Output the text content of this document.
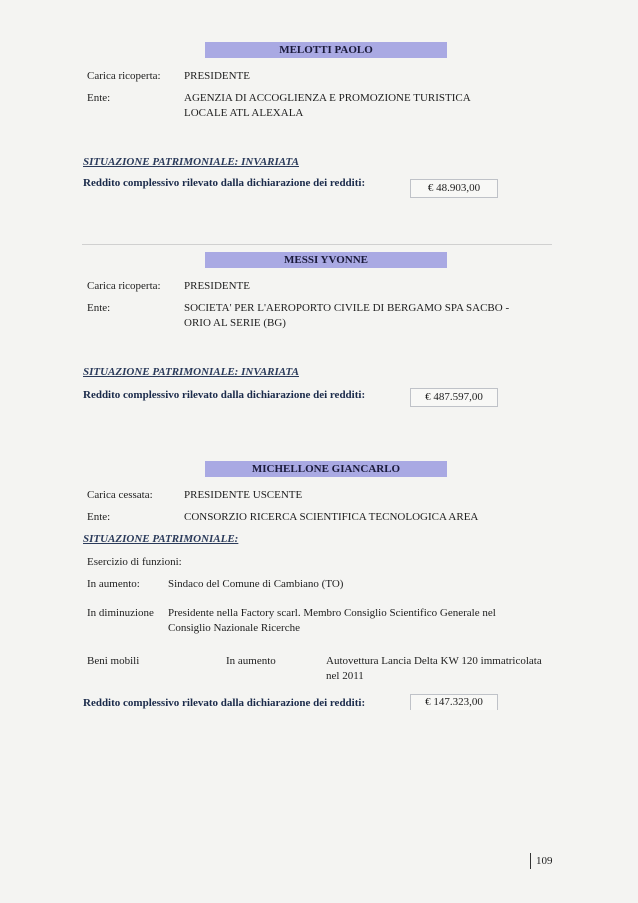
MELOTTI PAOLO
Carica ricoperta: PRESIDENTE
Ente:	AGENZIA DI ACCOGLIENZA E PROMOZIONE TURISTICA
LOCALE ATL ALEXALA
SITUAZIONE PATRIMONIALE: INVARIATA
Reddito complessivo rilevato dalla dichiarazione dei redditi:	€ 48.903,00
MESSI YVONNE
Carica ricoperta: PRESIDENTE
Ente:	SOCIETA' PER L'AEROPORTO CIVILE DI BERGAMO SPA SACBO -
ORIO AL SERIE (BG)
SITUAZIONE PATRIMONIALE: INVARIATA
Reddito complessivo rilevato dalla dichiarazione dei redditi:	€ 487.597,00
MICHELLONE GIANCARLO
Carica cessata:	PRESIDENTE USCENTE
Ente:	CONSORZIO RICERCA SCIENTIFICA TECNOLOGICA AREA
SITUAZIONE PATRIMONIALE:
Esercizio di funzioni:
In aumento:	Sindaco del Comune di Cambiano (TO)
In diminuzione Presidente nella Factory scarl. Membro Consiglio Scientifico Generale nel
Consiglio Nazionale Ricerche
Beni mobili	In aumento	Autovettura Lancia Delta KW 120 immatricolata
nel 2011
Reddito complessivo rilevato dalla dichiarazione dei redditi:	€ 147.323,00
109
